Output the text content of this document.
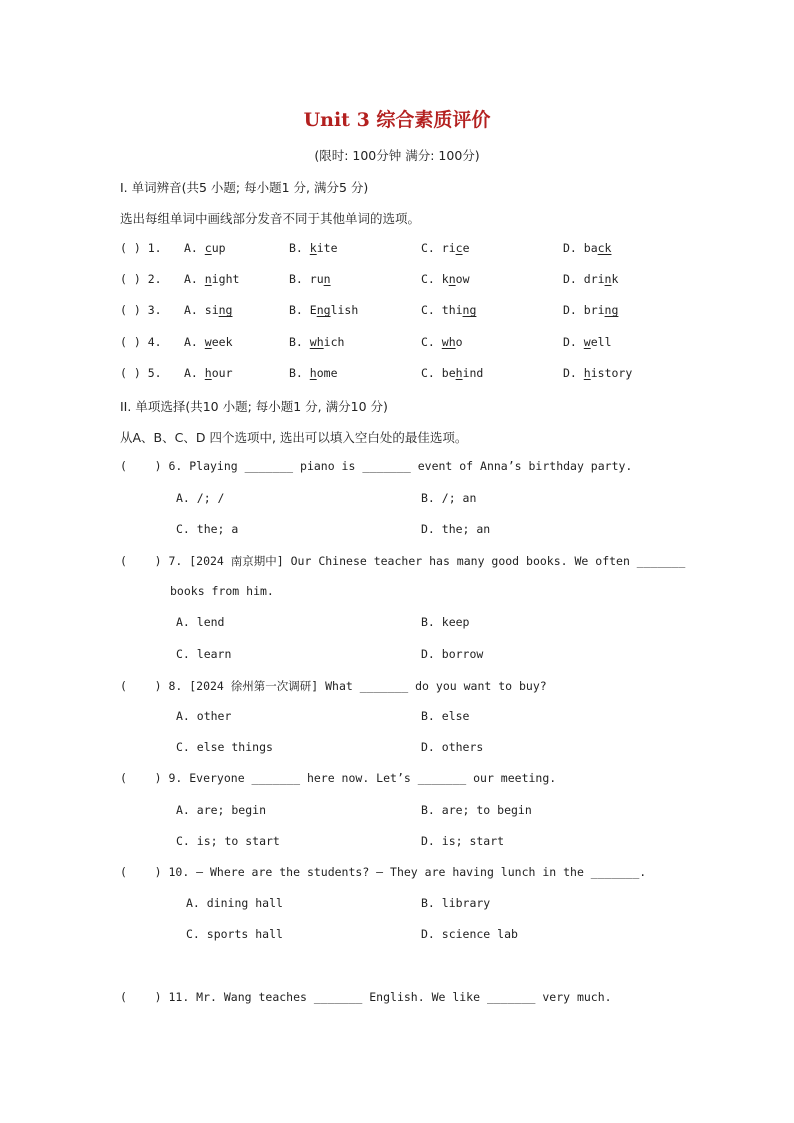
Unit 3 综合素质评价
(限时: 100分钟 满分: 100分)
I. 单词辨音(共5 小题; 每小题1 分, 满分5 分)
选出每组单词中画线部分发音不同于其他单词的选项。
( ) 1. A. cup	B. kite	C. rice	D. back
( ) 2. A. night	B. run	C. know	D. drink
( ) 3. A. sing	B. English	C. thing	D. bring
( ) 4. A. week	B. which	C. who	D. well
( ) 5. A. hour	B. home	C. behind	D. history
II. 单项选择(共10 小题; 每小题1 分, 满分10 分)
从A、B、C、D 四个选项中, 选出可以填入空白处的最佳选项。
(    ) 6. Playing _______ piano is _______ event of Anna’s birthday party.
A. /; /	B. /; an
C. the; a	D. the; an
(    ) 7. [2024 南京期中] Our Chinese teacher has many good books. We often _______
books from him.
A. lend	B. keep
C. learn	D. borrow
(    ) 8. [2024 徐州第一次调研] What _______ do you want to buy?
A. other	B. else
C. else things	D. others
(    ) 9. Everyone _______ here now. Let’s _______ our meeting.
A. are; begin	B. are; to begin
C. is; to start	D. is; start
(    ) 10. — Where are the students? — They are having lunch in the _______.
A. dining hall	B. library
C. sports hall	D. science lab
(    ) 11. Mr. Wang teaches _______ English. We like _______ very much.
